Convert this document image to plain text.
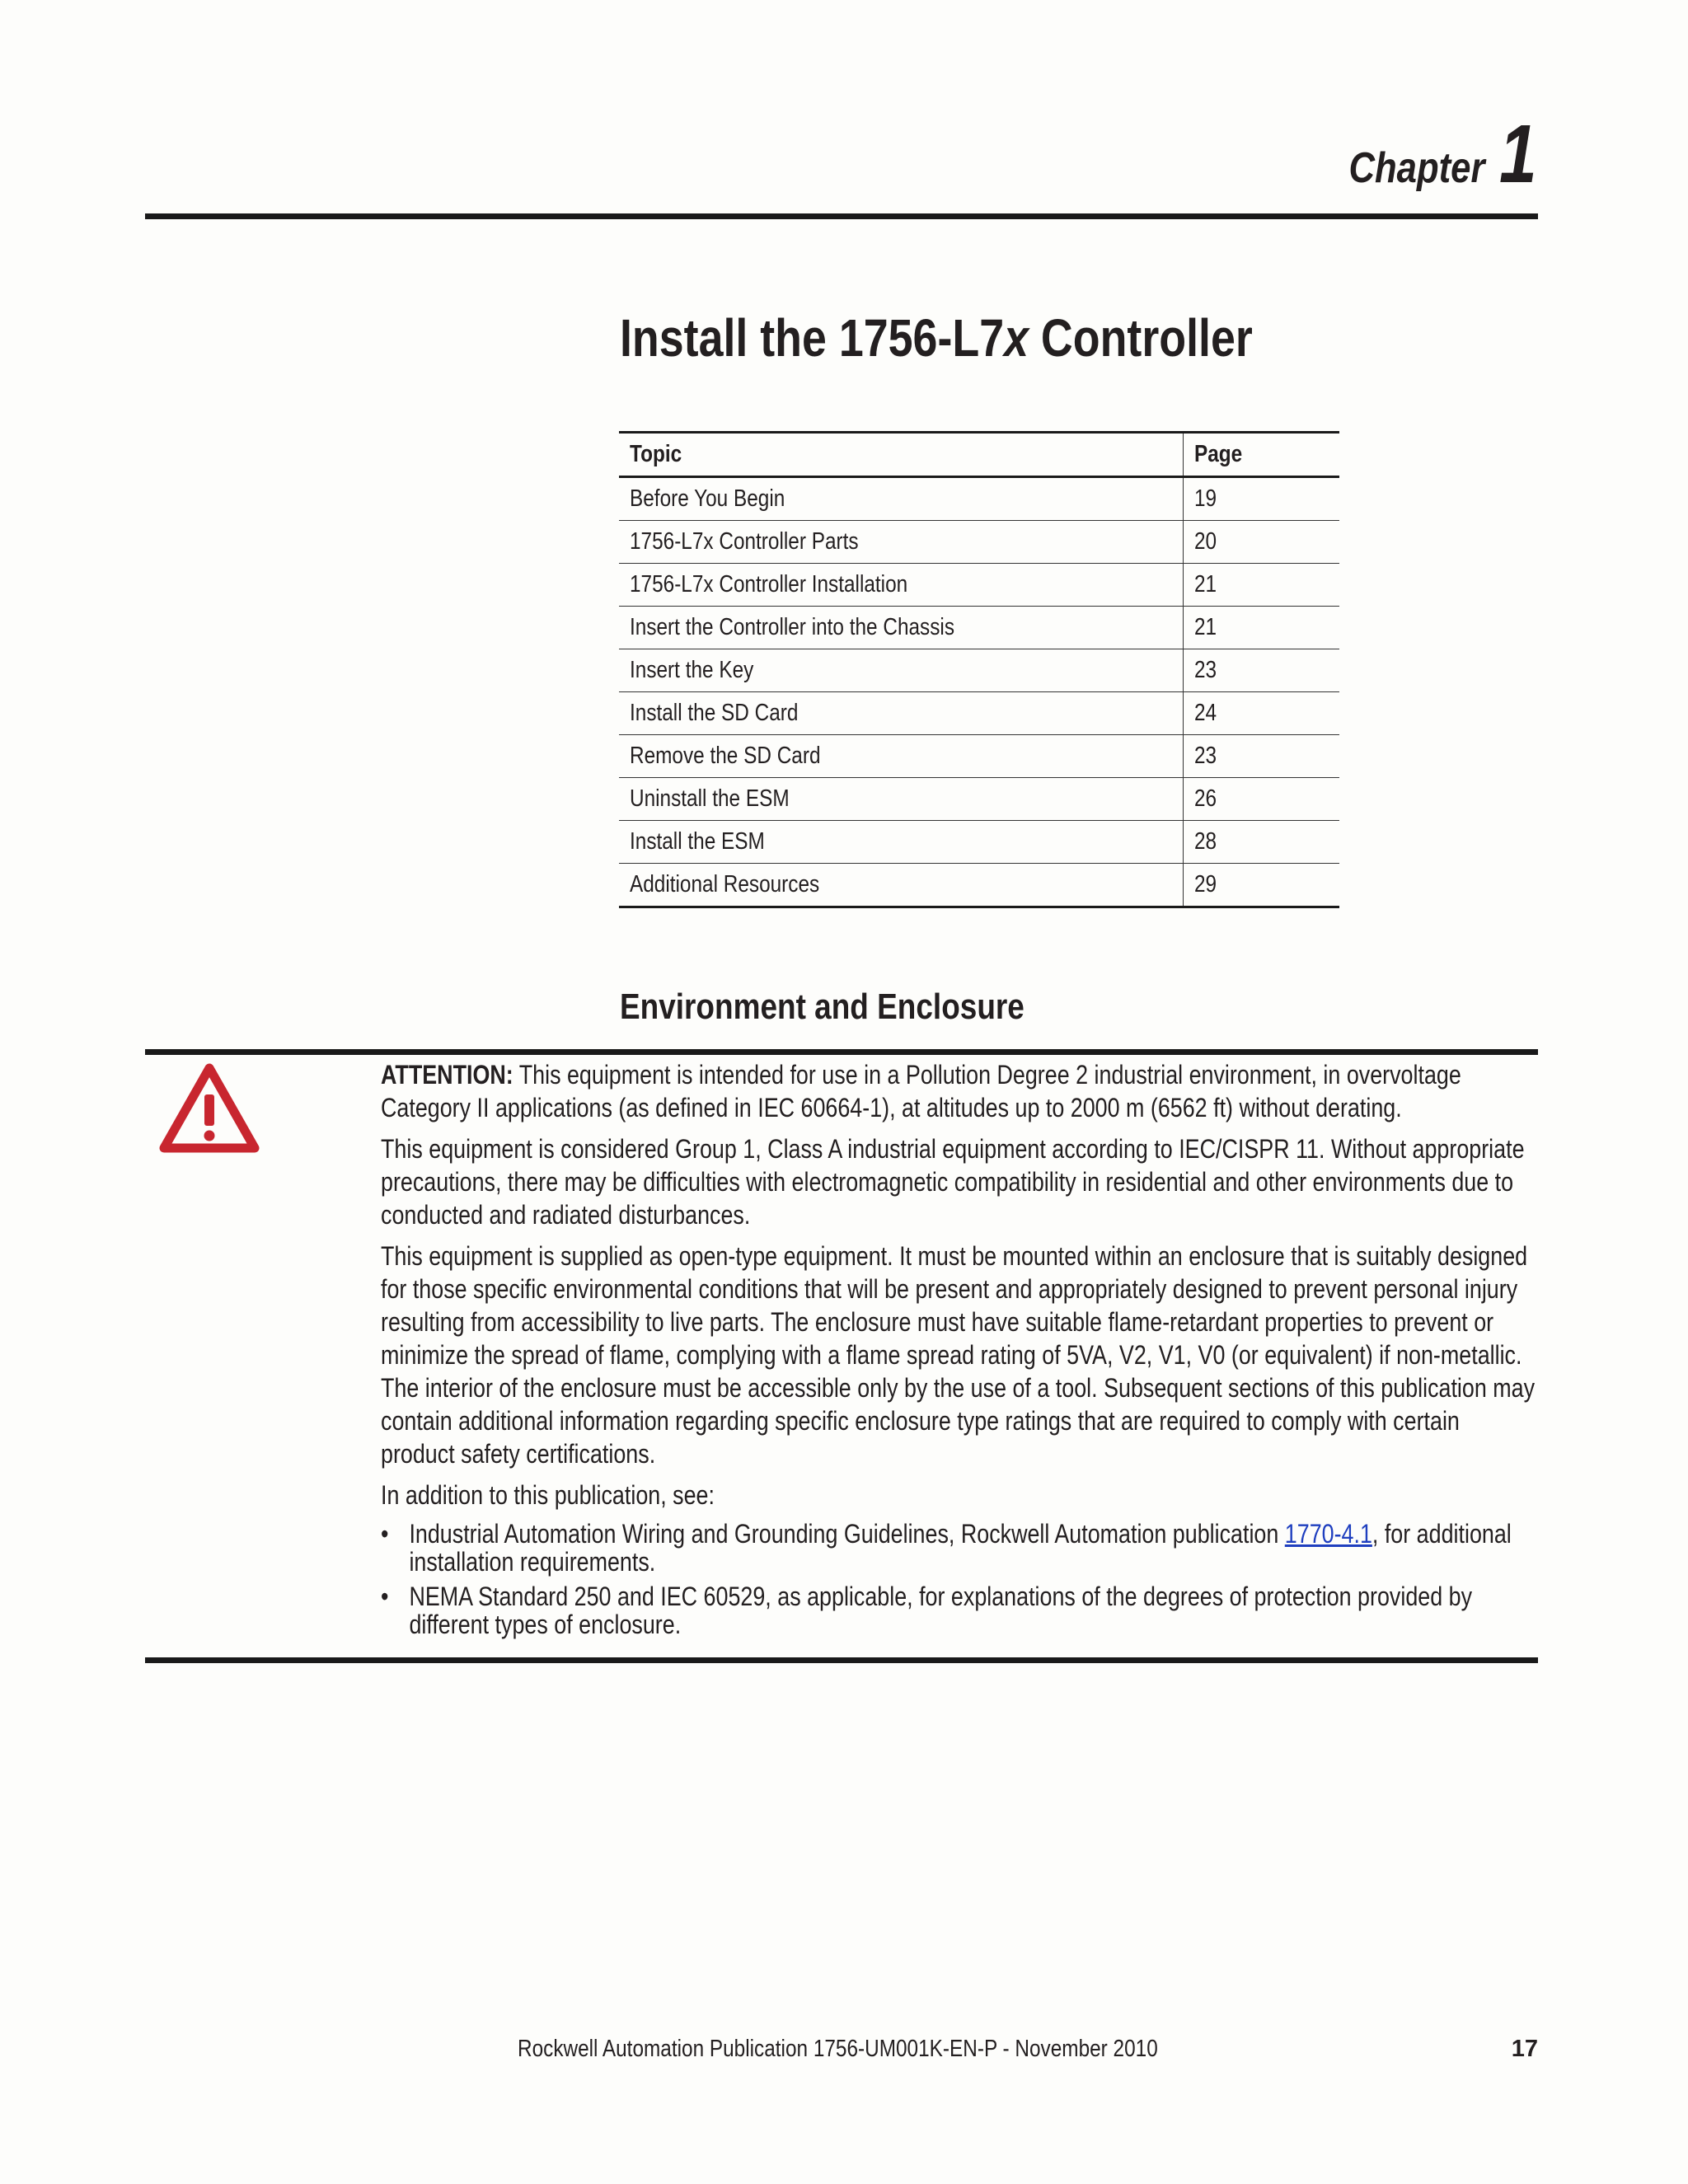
Chapter 1
Install the 1756-L7x Controller
Topic	Page
Before You Begin	19
1756-L7x Controller Parts	20
1756-L7x Controller Installation	21
Insert the Controller into the Chassis	21
Insert the Key	23
Install the SD Card	24
Remove the SD Card	23
Uninstall the ESM	26
Install the ESM	28
Additional Resources	29
Environment and Enclosure

ATTENTION: This equipment is intended for use in a Pollution Degree 2 industrial environment, in overvoltage Category II applications (as defined in IEC 60664-1), at altitudes up to 2000 m (6562 ft) without derating.

This equipment is considered Group 1, Class A industrial equipment according to IEC/CISPR 11. Without appropriate precautions, there may be difficulties with electromagnetic compatibility in residential and other environments due to conducted and radiated disturbances.

This equipment is supplied as open-type equipment. It must be mounted within an enclosure that is suitably designed for those specific environmental conditions that will be present and appropriately designed to prevent personal injury resulting from accessibility to live parts. The enclosure must have suitable flame-retardant properties to prevent or minimize the spread of flame, complying with a flame spread rating of 5VA, V2, V1, V0 (or equivalent) if non-metallic. The interior of the enclosure must be accessible only by the use of a tool. Subsequent sections of this publication may contain additional information regarding specific enclosure type ratings that are required to comply with certain product safety certifications.

In addition to this publication, see:

• Industrial Automation Wiring and Grounding Guidelines, Rockwell Automation publication 1770-4.1, for additional installation requirements.
• NEMA Standard 250 and IEC 60529, as applicable, for explanations of the degrees of protection provided by different types of enclosure.
Rockwell Automation Publication 1756-UM001K-EN-P - November 2010	17
